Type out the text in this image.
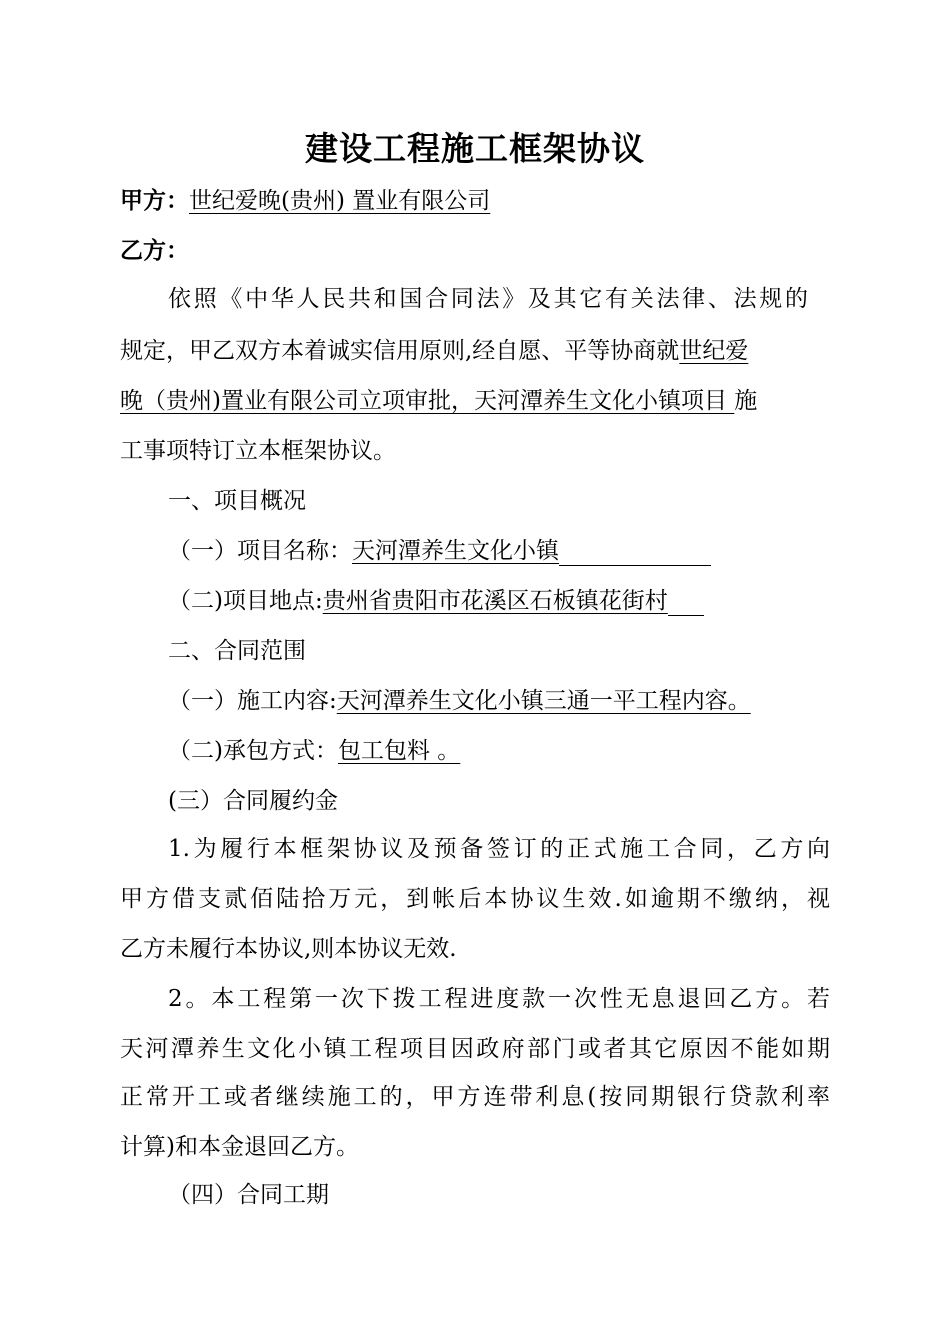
建设工程施工框架协议
甲方：世纪爱晚(贵州) 置业有限公司
乙方：
依照《中华人民共和国合同法》及其它有关法律、法规的
规定，甲乙双方本着诚实信用原则,经自愿、平等协商就世纪爱
晚（贵州)置业有限公司立项审批，天河潭养生文化小镇项目 施
工事项特订立本框架协议。
一、项目概况
（一）项目名称：天河潭养生文化小镇
（二)项目地点:贵州省贵阳市花溪区石板镇花街村
二、合同范围
（一）施工内容:天河潭养生文化小镇三通一平工程内容。
（二)承包方式：包工包料 。
(三）合同履约金
1.为履行本框架协议及预备签订的正式施工合同，乙方向
甲方借支贰佰陆拾万元，到帐后本协议生效.如逾期不缴纳，视
乙方未履行本协议,则本协议无效.
2。本工程第一次下拨工程进度款一次性无息退回乙方。若
天河潭养生文化小镇工程项目因政府部门或者其它原因不能如期
正常开工或者继续施工的，甲方连带利息(按同期银行贷款利率
计算)和本金退回乙方。
（四）合同工期
